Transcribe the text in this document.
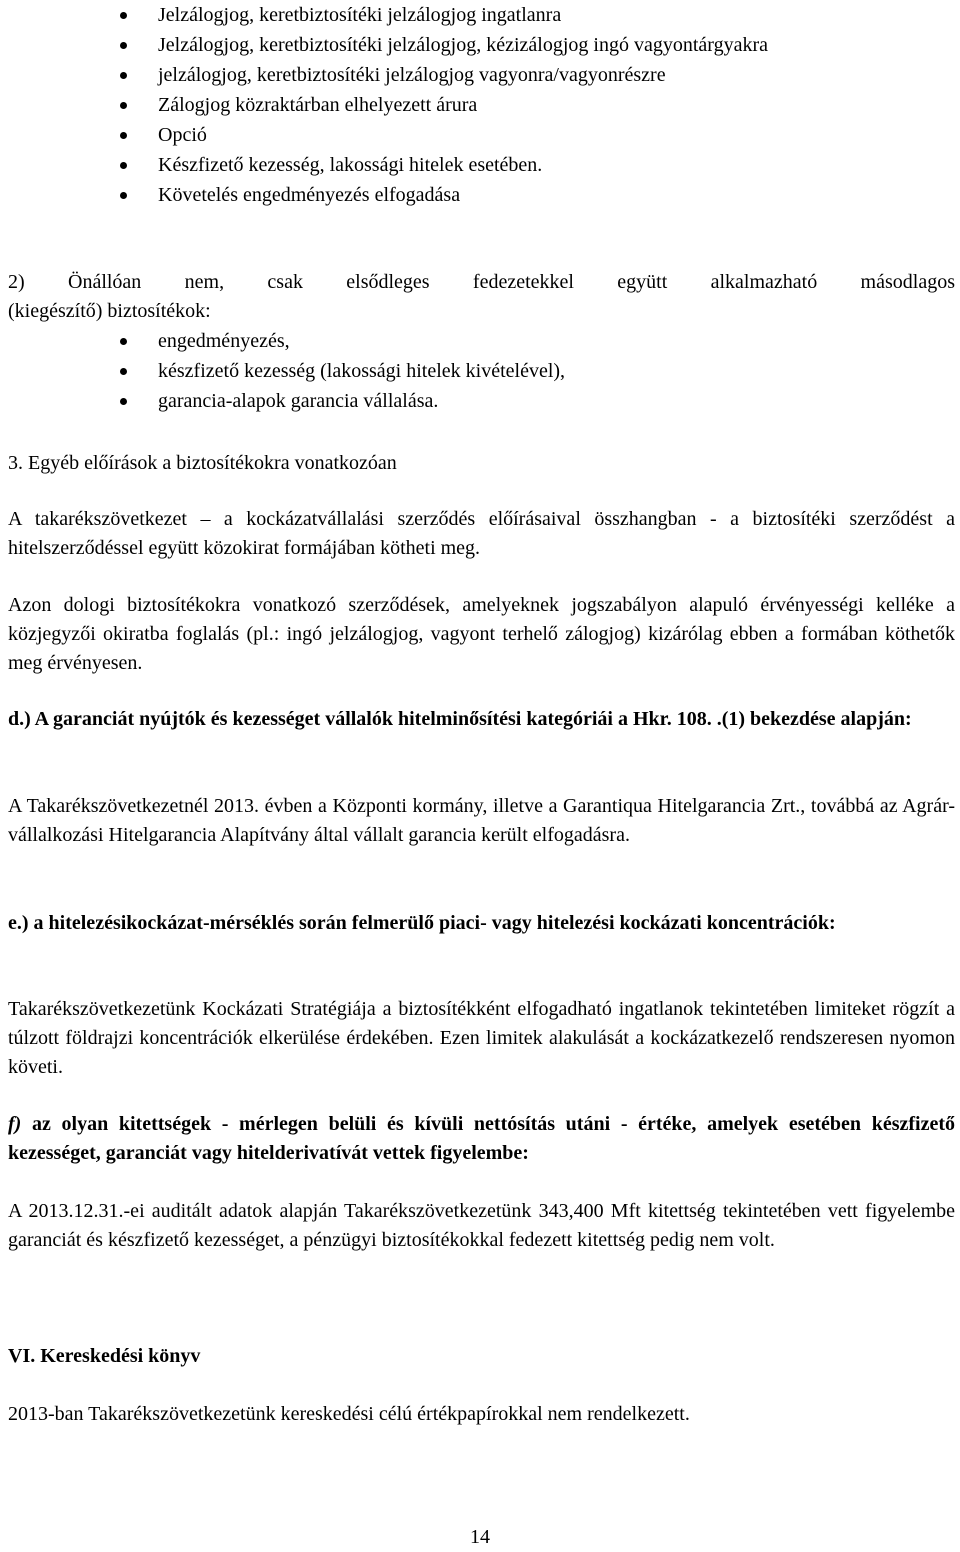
Jelzálogjog, keretbiztosítéki jelzálogjog ingatlanra
Jelzálogjog, keretbiztosítéki jelzálogjog, kézizálogjog ingó vagyontárgyakra
jelzálogjog, keretbiztosítéki jelzálogjog vagyonra/vagyonrészre
Zálogjog közraktárban elhelyezett árura
Opció
Készfizető kezesség, lakossági hitelek esetében.
Követelés engedményezés elfogadása

2) Önállóan nem, csak elsődleges fedezetekkel együtt alkalmazható másodlagos

(kiegészítő) biztosítékok:

engedményezés,
készfizető kezesség (lakossági hitelek kivételével),
garancia-alapok garancia vállalása.

3. Egyéb előírások a biztosítékokra vonatkozóan

A takarékszövetkezet – a kockázatvállalási szerződés előírásaival összhangban - a biztosítéki szerződést a hitelszerződéssel együtt közokirat formájában kötheti meg.

Azon dologi biztosítékokra vonatkozó szerződések, amelyeknek jogszabályon alapuló érvényességi kelléke a közjegyzői okiratba foglalás (pl.: ingó jelzálogjog, vagyont terhelő zálogjog) kizárólag ebben a formában köthetők meg érvényesen.

d.) A garanciát nyújtók és kezességet vállalók hitelminősítési kategóriái a Hkr. 108. .(1) bekezdése alapján:

A Takarékszövetkezetnél 2013. évben a Központi kormány, illetve a Garantiqua Hitelgarancia Zrt., továbbá az Agrár-vállalkozási Hitelgarancia Alapítvány által vállalt garancia került elfogadásra.

e.) a hitelezésikockázat-mérséklés során felmerülő piaci- vagy hitelezési kockázati koncentrációk:

Takarékszövetkezetünk Kockázati Stratégiája a biztosítékként elfogadható ingatlanok tekintetében limiteket rögzít a túlzott földrajzi koncentrációk elkerülése érdekében. Ezen limitek alakulását a kockázatkezelő rendszeresen nyomon követi.

f) az olyan kitettségek - mérlegen belüli és kívüli nettósítás utáni - értéke, amelyek esetében készfizető kezességet, garanciát vagy hitelderivatívát vettek figyelembe:

A 2013.12.31.-ei auditált adatok alapján Takarékszövetkezetünk 343,400 Mft kitettség tekintetében vett figyelembe garanciát és készfizető kezességet, a pénzügyi biztosítékokkal fedezett kitettség pedig nem volt.

VI. Kereskedési könyv

2013-ban Takarékszövetkezetünk kereskedési célú értékpapírokkal nem rendelkezett.

14
